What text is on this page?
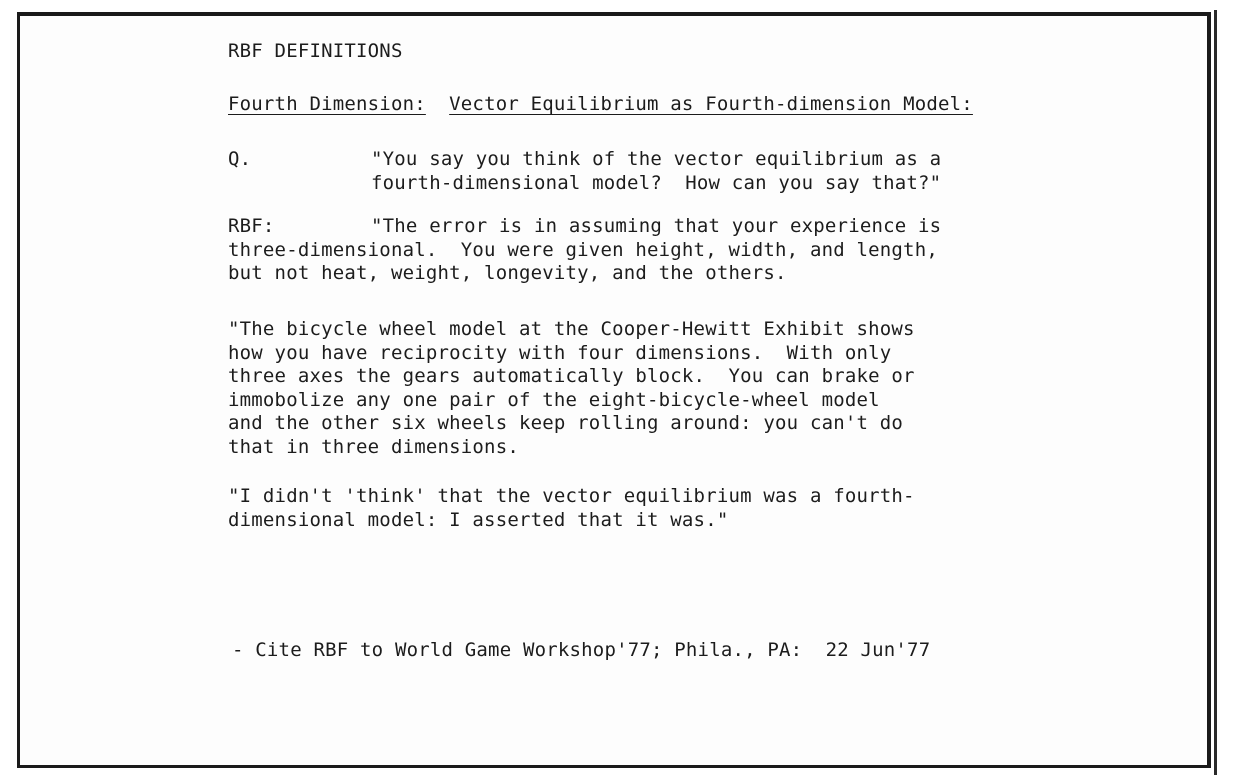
RBF DEFINITIONS
Fourth Dimension: Vector Equilibrium as Fourth-dimension Model:
Q.	"You say you think of the vector equilibrium as a
fourth-dimensional model?  How can you say that?"
RBF:	"The error is in assuming that your experience is
three-dimensional.  You were given height, width, and length,
but not heat, weight, longevity, and the others.
"The bicycle wheel model at the Cooper-Hewitt Exhibit shows
how you have reciprocity with four dimensions.  With only
three axes the gears automatically block.  You can brake or
immobolize any one pair of the eight-bicycle-wheel model
and the other six wheels keep rolling around: you can't do
that in three dimensions.
"I didn't 'think' that the vector equilibrium was a fourth-
dimensional model: I asserted that it was."
- Cite RBF to World Game Workshop'77; Phila., PA:  22 Jun'77
